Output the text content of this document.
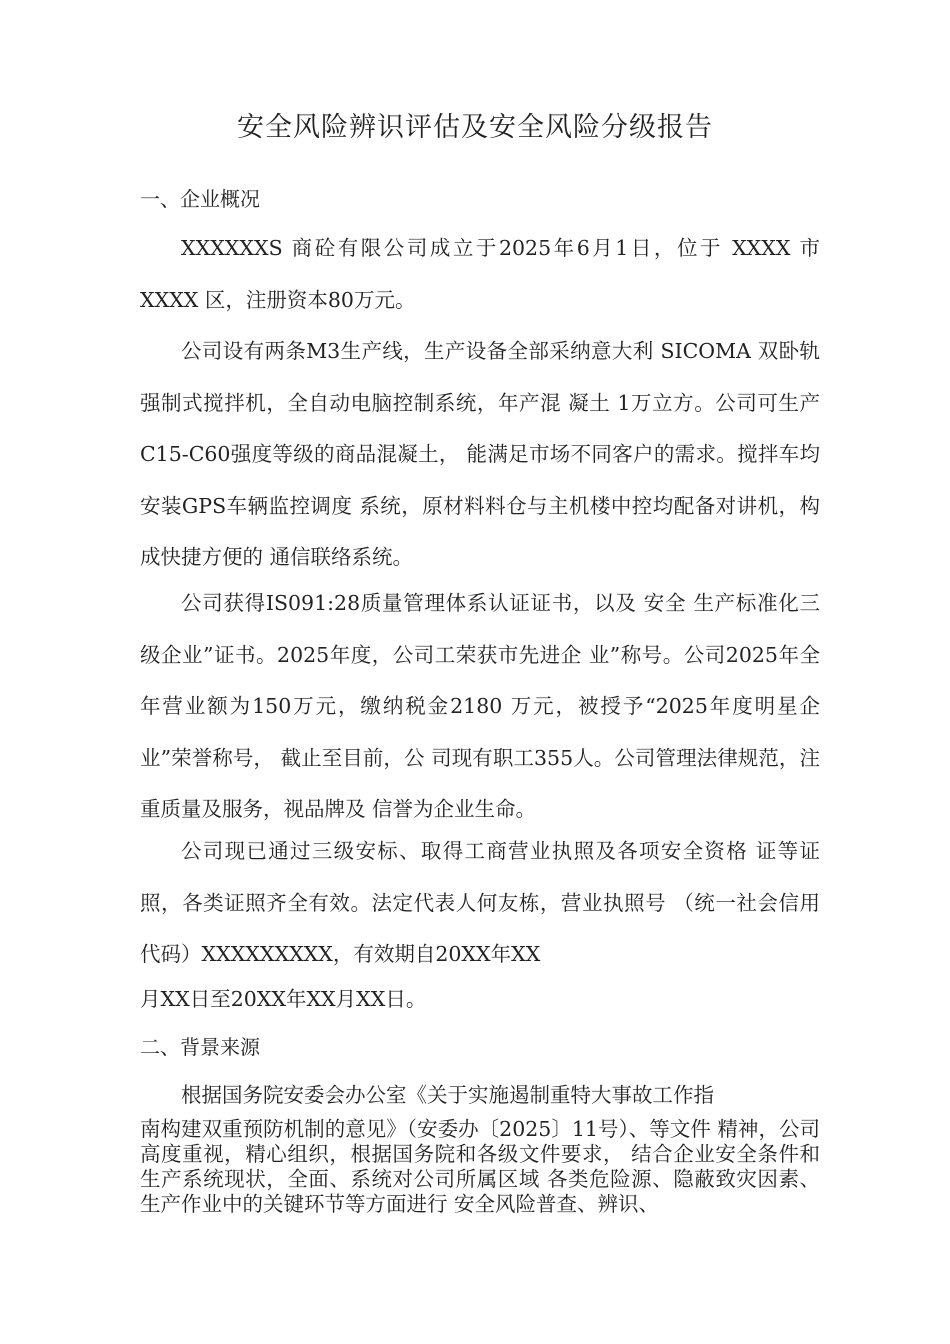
安全风险辨识评估及安全风险分级报告
一、企业概况

XXXXXXS 商砼有限公司成立于2025年6月1日，位于 XXXX 市XXXX 区，注册资本80万元。

公司设有两条M3生产线，生产设备全部采纳意大利 SICOMA 双卧轨强制式搅拌机，全自动电脑控制系统，年产混 凝土 1万立方。公司可生产C15-C60强度等级的商品混凝土， 能满足市场不同客户的需求。搅拌车均安装GPS车辆监控调度 系统，原材料料仓与主机楼中控均配备对讲机，构成快捷方便的 通信联络系统。

公司获得IS091:28质量管理体系认证证书，以及 安全 生产标准化三级企业”证书。2025年度，公司工荣获市先进企 业”称号。公司2025年全年营业额为150万元，缴纳税金2180 万元，被授予“2025年度明星企业”荣誉称号， 截止至目前，公 司现有职工355人。公司管理法律规范，注重质量及服务，视品牌及 信誉为企业生命。

公司现已通过三级安标、取得工商营业执照及各项安全资格 证等证照，各类证照齐全有效。法定代表人何友栋，营业执照号 （统一社会信用代码）XXXXXXXXX，有效期自20XX年XX

月XX日至20XX年XX月XX日。

二、背景来源

根据国务院安委会办公室《关于实施遏制重特大事故工作指

南构建双重预防机制的意见》（安委办〔2025〕11号）、等文件 精神，公司高度重视，精心组织，根据国务院和各级文件要求， 结合企业安全条件和生产系统现状，全面、系统对公司所属区域 各类危险源、隐蔽致灾因素、生产作业中的关键环节等方面进行 安全风险普查、辨识、
